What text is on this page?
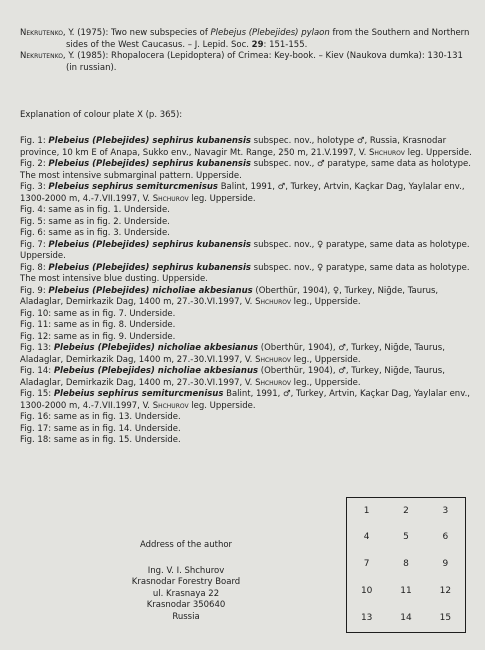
Nekrutenko, Y. (1975): Two new subspecies of Plebejus (Plebejides) pylaon from the Southern and Northern sides of the West Caucasus. – J. Lepid. Soc. 29: 151-155.

Nekrutenko, Y. (1985): Rhopalocera (Lepidoptera) of Crimea: Key-book. – Kiev (Naukova dumka): 130-131 (in russian).

Explanation of colour plate X (p. 365):

Fig. 1: Plebeius (Plebejides) sephirus kubanensis subspec. nov., holotype ♂, Russia, Krasnodar province, 10 km E of Anapa, Sukko env., Navagir Mt. Range, 250 m, 21.V.1997, V. Shchurov leg. Upperside.

Fig. 2: Plebeius (Plebejides) sephirus kubanensis subspec. nov., ♂ paratype, same data as holotype. The most intensive submarginal pattern. Upperside.

Fig. 3: Plebeius sephirus semiturcmenisus Balint, 1991, ♂, Turkey, Artvin, Kaçkar Dag, Yaylalar env., 1300-2000 m, 4.-7.VII.1997, V. Shchurov leg. Upperside.

Fig. 4: same as in fig. 1. Underside.

Fig. 5: same as in fig. 2. Underside.

Fig. 6: same as in fig. 3. Underside.

Fig. 7: Plebeius (Plebejides) sephirus kubanensis subspec. nov., ♀ paratype, same data as holotype. Upperside.

Fig. 8: Plebeius (Plebejides) sephirus kubanensis subspec. nov., ♀ paratype, same data as holotype. The most intensive blue dusting. Upperside.

Fig. 9: Plebeius (Plebejides) nicholiae akbesianus (Oberthür, 1904), ♀, Turkey, Niğde, Taurus, Aladaglar, Demirkazik Dag, 1400 m, 27.-30.VI.1997, V. Shchurov leg., Upperside.

Fig. 10: same as in fig. 7. Underside.

Fig. 11: same as in fig. 8. Underside.

Fig. 12: same as in fig. 9. Underside.

Fig. 13: Plebeius (Plebejides) nicholiae akbesianus (Oberthür, 1904), ♂, Turkey, Niğde, Taurus, Aladaglar, Demirkazik Dag, 1400 m, 27.-30.VI.1997, V. Shchurov leg., Upperside.

Fig. 14: Plebeius (Plebejides) nicholiae akbesianus (Oberthür, 1904), ♂, Turkey, Niğde, Taurus, Aladaglar, Demirkazik Dag, 1400 m, 27.-30.VI.1997, V. Shchurov leg., Upperside.

Fig. 15: Plebeius sephirus semiturcmenisus Balint, 1991, ♂, Turkey, Artvin, Kaçkar Dag, Yaylalar env., 1300-2000 m, 4.-7.VII.1997, V. Shchurov leg. Upperside.

Fig. 16: same as in fig. 13. Underside.

Fig. 17: same as in fig. 14. Underside.

Fig. 18: same as in fig. 15. Underside.

Address of the author
Ing. V. I. Shchurov
Krasnodar Forestry Board
ul. Krasnaya 22
Krasnodar 350640
Russia
1	2	3
4	5	6
7	8	9
10	11	12
13	14	15
